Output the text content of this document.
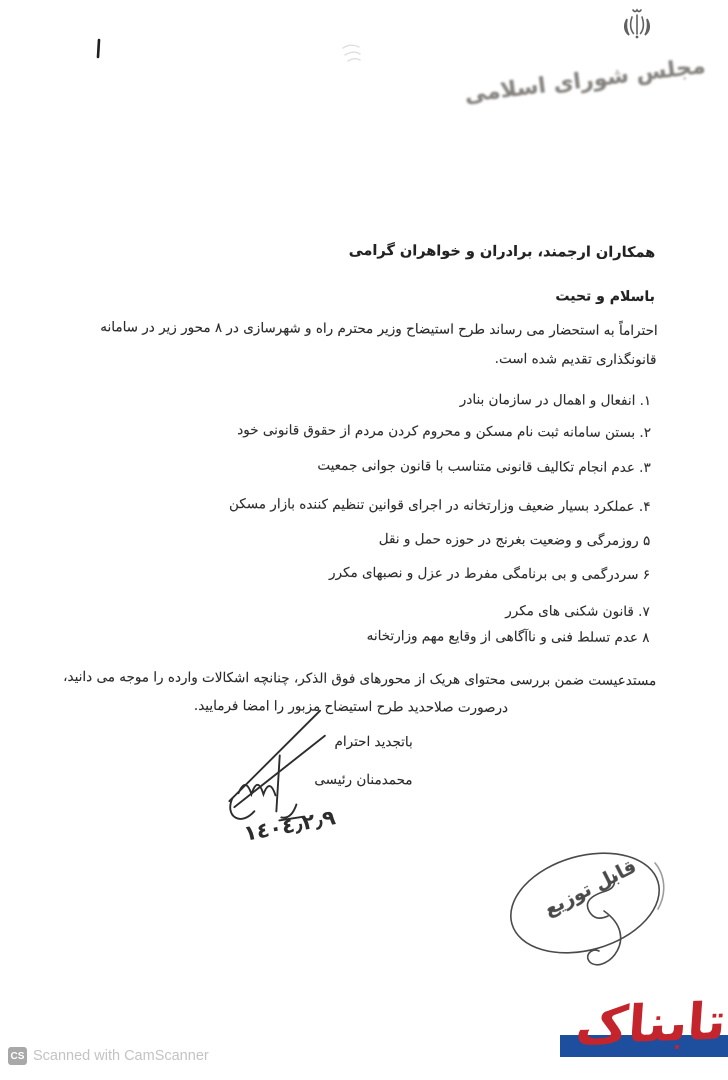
مجلس شورای اسلامی
همکاران ارجمند، برادران و خواهران گرامی
باسلام و تحیت
احتراماً به استحضار می رساند طرح استیضاح وزیر محترم راه و شهرسازی در ۸ محور زیر در سامانه
قانونگذاری تقدیم شده است.
۱. انفعال و اهمال در سازمان بنادر
۲. بستن سامانه ثبت نام مسکن و محروم کردن مردم از حقوق قانونی خود
۳. عدم انجام تکالیف قانونی متناسب با قانون جوانی جمعیت
۴. عملکرد بسیار ضعیف وزارتخانه در اجرای قوانین تنظیم کننده بازار مسکن
۵ روزمرگی و وضعیت بغرنج در حوزه حمل و نقل
۶ سردرگمی و بی برنامگی مفرط در عزل و نصبهای مکرر
۷. قانون شکنی های مکرر
۸ عدم تسلط فنی و ناآگاهی از وقایع مهم وزارتخانه
مستدعیست ضمن بررسی محتوای هریک از محورهای فوق الذکر، چنانچه اشکالات وارده را موجه می دانید،
درصورت صلاحدید طرح استیضاح مزبور را امضا فرمایید.
باتجدید احترام
محمدمنان رئیسی
١٤٠٤٫٢٫٩
قابل توزیع
CS Scanned with CamScanner	تابناک
